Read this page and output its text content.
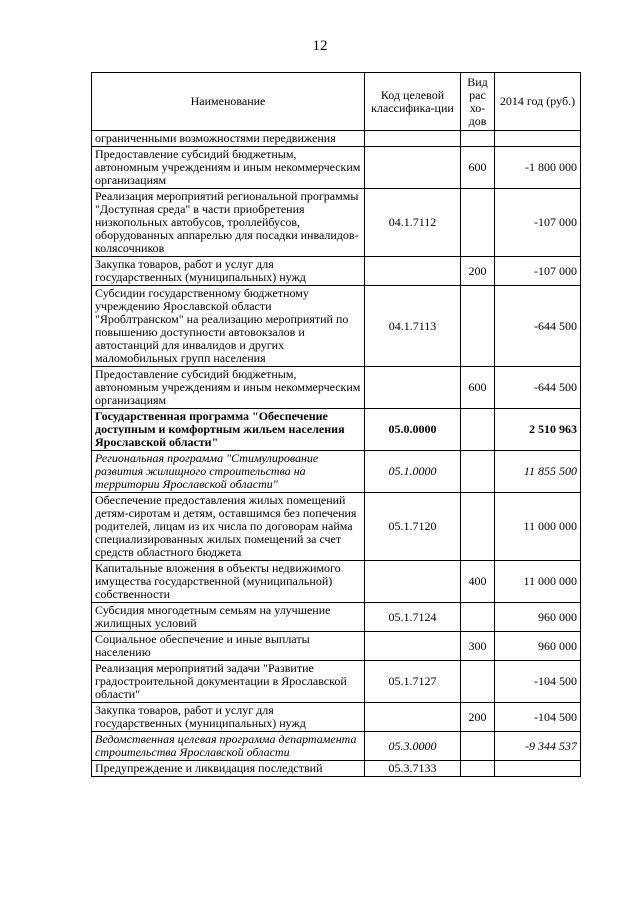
12
Наименование	Код целевой классифика-ции	Вид рас хо-дов	2014 год (руб.)
ограниченными возможностями передвижения			
Предоставление субсидий бюджетным, автономным учреждениям и иным некоммерческим организациям		600	-1 800 000
Реализация мероприятий региональной программы "Доступная среда" в части приобретения низкопольных автобусов, троллейбусов, оборудованных аппарелью для посадки инвалидов-колясочников	04.1.7112		-107 000
Закупка товаров, работ и услуг для государственных (муниципальных) нужд		200	-107 000
Субсидии государственному бюджетному учреждению Ярославской области "Яроблтранском" на реализацию мероприятий по повышению доступности автовокзалов и автостанций для инвалидов и других маломобильных групп населения	04.1.7113		-644 500
Предоставление субсидий бюджетным, автономным учреждениям и иным некоммерческим организациям		600	-644 500
Государственная программа "Обеспечение доступным и комфортным жильем населения Ярославской области"	05.0.0000		2 510 963
Региональная программа "Стимулирование развития жилищного строительства на территории Ярославской области"	05.1.0000		11 855 500
Обеспечение предоставления жилых помещений детям-сиротам и детям, оставшимся без попечения родителей, лицам из их числа по договорам найма специализированных жилых помещений за счет средств областного бюджета	05.1.7120		11 000 000
Капитальные вложения в объекты недвижимого имущества государственной (муниципальной) собственности		400	11 000 000
Субсидия многодетным семьям на улучшение жилищных условий	05.1.7124		960 000
Социальное обеспечение и иные выплаты населению		300	960 000
Реализация мероприятий задачи "Развитие градостроительной документации в Ярославской области"	05.1.7127		-104 500
Закупка товаров, работ и услуг для государственных (муниципальных) нужд		200	-104 500
Ведомственная целевая программа департамента строительства Ярославской области	05.3.0000		-9 344 537
Предупреждение и ликвидация последствий	05.3.7133		
